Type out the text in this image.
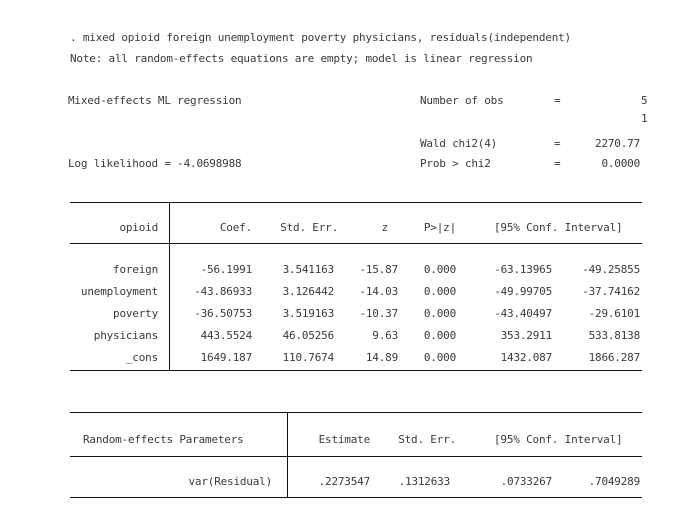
. mixed opioid foreign unemployment poverty physicians, residuals(independent)
Note: all random-effects equations are empty; model is linear regression
Mixed-effects ML regression	Number of obs	=	5
1
Wald chi2(4)	=	2270.77
Log likelihood = -4.0698988	Prob > chi2	=	0.0000
opioid	Coef.	Std. Err.	z	P>|z|	[95% Conf. Interval]
foreign	-56.1991	3.541163	-15.87	0.000	-63.13965	-49.25855
unemployment	-43.86933	3.126442	-14.03	0.000	-49.99705	-37.74162
poverty	-36.50753	3.519163	-10.37	0.000	-43.40497	-29.6101
physicians	443.5524	46.05256	9.63	0.000	353.2911	533.8138
_cons	1649.187	110.7674	14.89	0.000	1432.087	1866.287
Random-effects Parameters	Estimate	Std. Err.	[95% Conf. Interval]
var(Residual)	.2273547	.1312633	.0733267	.7049289
